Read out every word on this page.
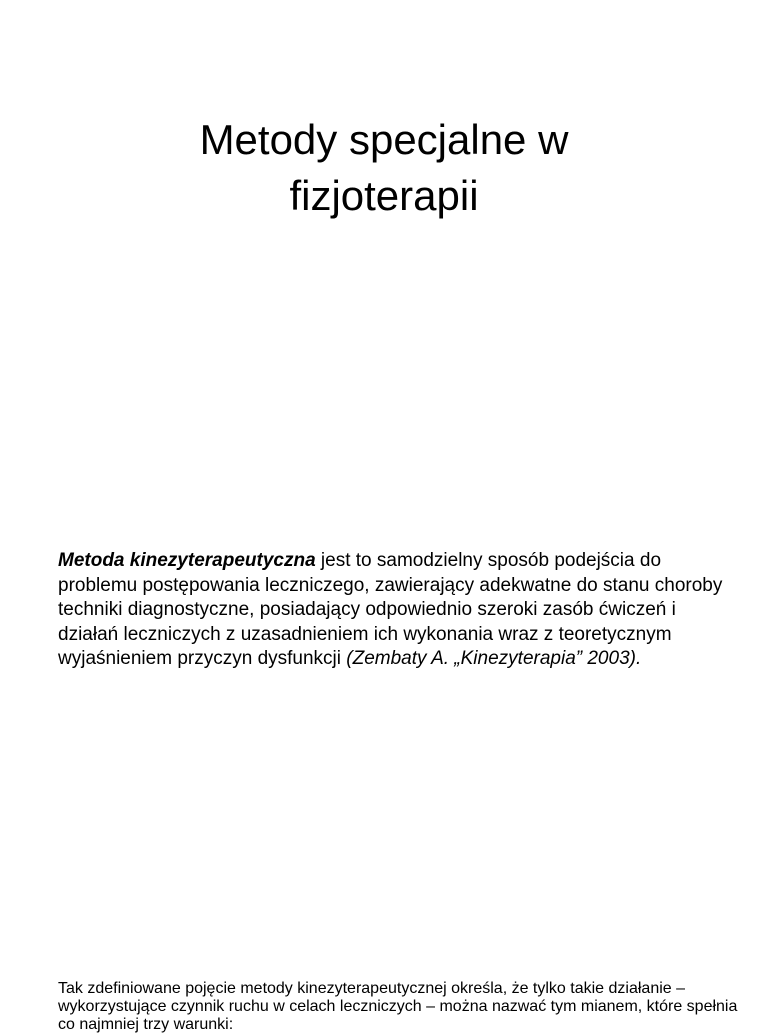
Metody specjalne w
fizjoterapii

Metoda kinezyterapeutyczna jest to samodzielny sposób podejścia do problemu postępowania leczniczego, zawierający adekwatne do stanu choroby techniki diagnostyczne, posiadający odpowiednio szeroki zasób ćwiczeń i działań leczniczych z uzasadnieniem ich wykonania wraz z teoretycznym wyjaśnieniem przyczyn dysfunkcji (Zembaty A. „Kinezyterapia” 2003).

Tak zdefiniowane pojęcie metody kinezyterapeutycznej określa, że tylko takie działanie – wykorzystujące czynnik ruchu w celach leczniczych – można nazwać tym mianem, które spełnia co najmniej trzy warunki:
